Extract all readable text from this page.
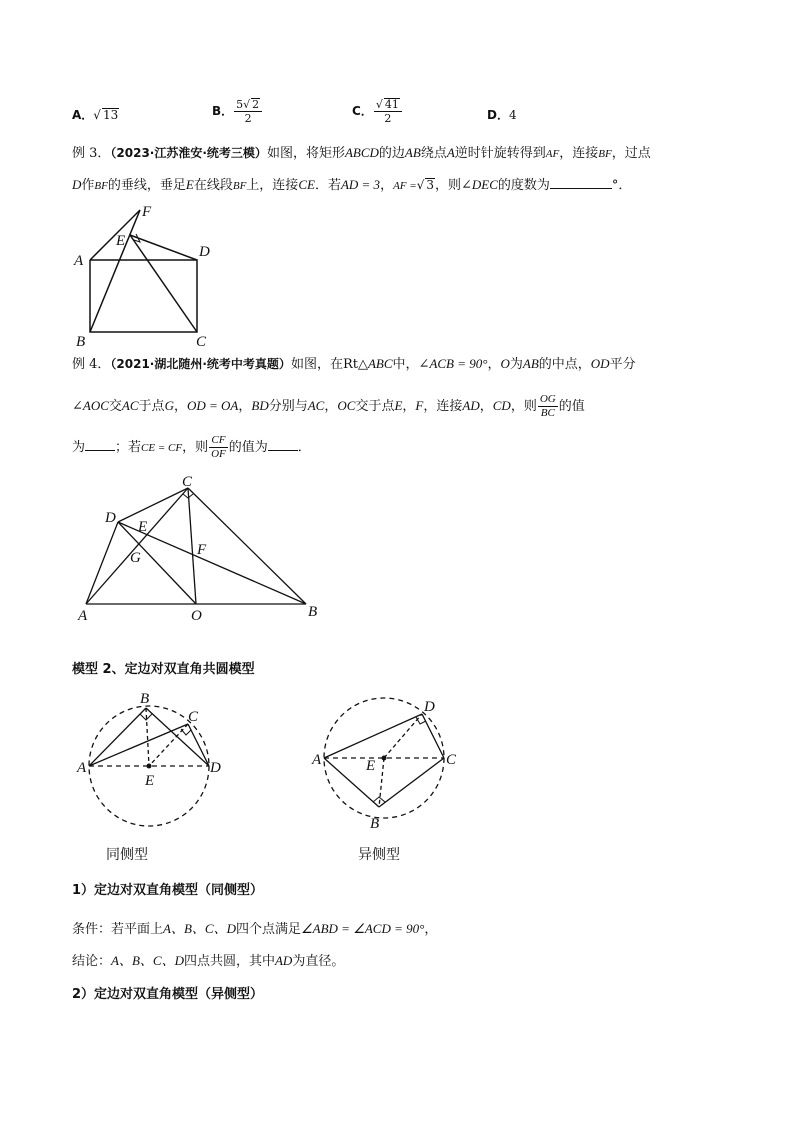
A．√ 13	B． $\frac{5√ 2}{2}$	C． $\frac{√ 41}{2}$	D．4
例 3．（2023·江苏淮安·统考三模）如图，将矩形ABCD的边AB绕点A逆时针旋转得到AF，连接BF，过点
D作BF的垂线，垂足E在线段BF上，连接CE．若AD = 3，AF =√ 3，则∠DEC的度数为	°．
F
E
A
D
B	C
例 4．（2021·湖北随州·统考中考真题）如图，在Rt△ABC中，∠ACB = 90°，O为AB的中点，OD平分
∠AOC交AC于点G，OD = OA，BD分别与AC，OC交于点E，F，连接AD，CD，则 $\frac{OG}{BC}$ 的值
为 ；若CE = CF，则 $\frac{CF}{OF}$ 的值为 ．
C
D
E
G	F
A	O	B
模型 2、定边对双直角共圆模型
B
C
A	D
E
同侧型
D
A	E	C
B
异侧型
1）定边对双直角模型（同侧型）
条件：若平面上A、B、C、D四个点满足∠ABD = ∠ACD = 90°，
结论：A、B、C、D四点共圆，其中AD为直径。
2）定边对双直角模型（异侧型）
